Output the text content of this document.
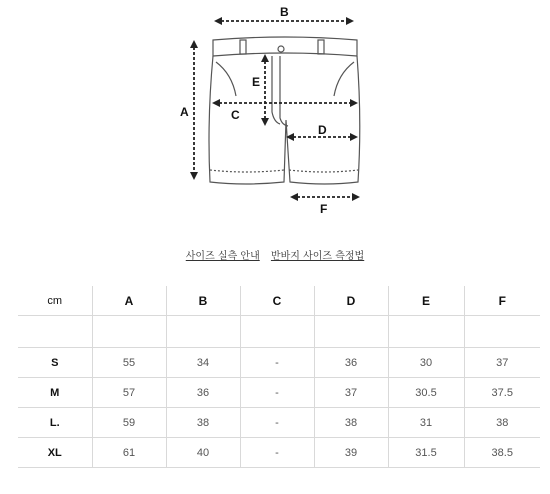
B
A
E
C
D
F
사이즈 실측 안내 반바지 사이즈 측정법
cm	A	B	C	D	E	F

S	55	34	-	36	30	37
M	57	36	-	37	30.5	37.5
L.	59	38	-	38	31	38
XL	61	40	-	39	31.5	38.5
